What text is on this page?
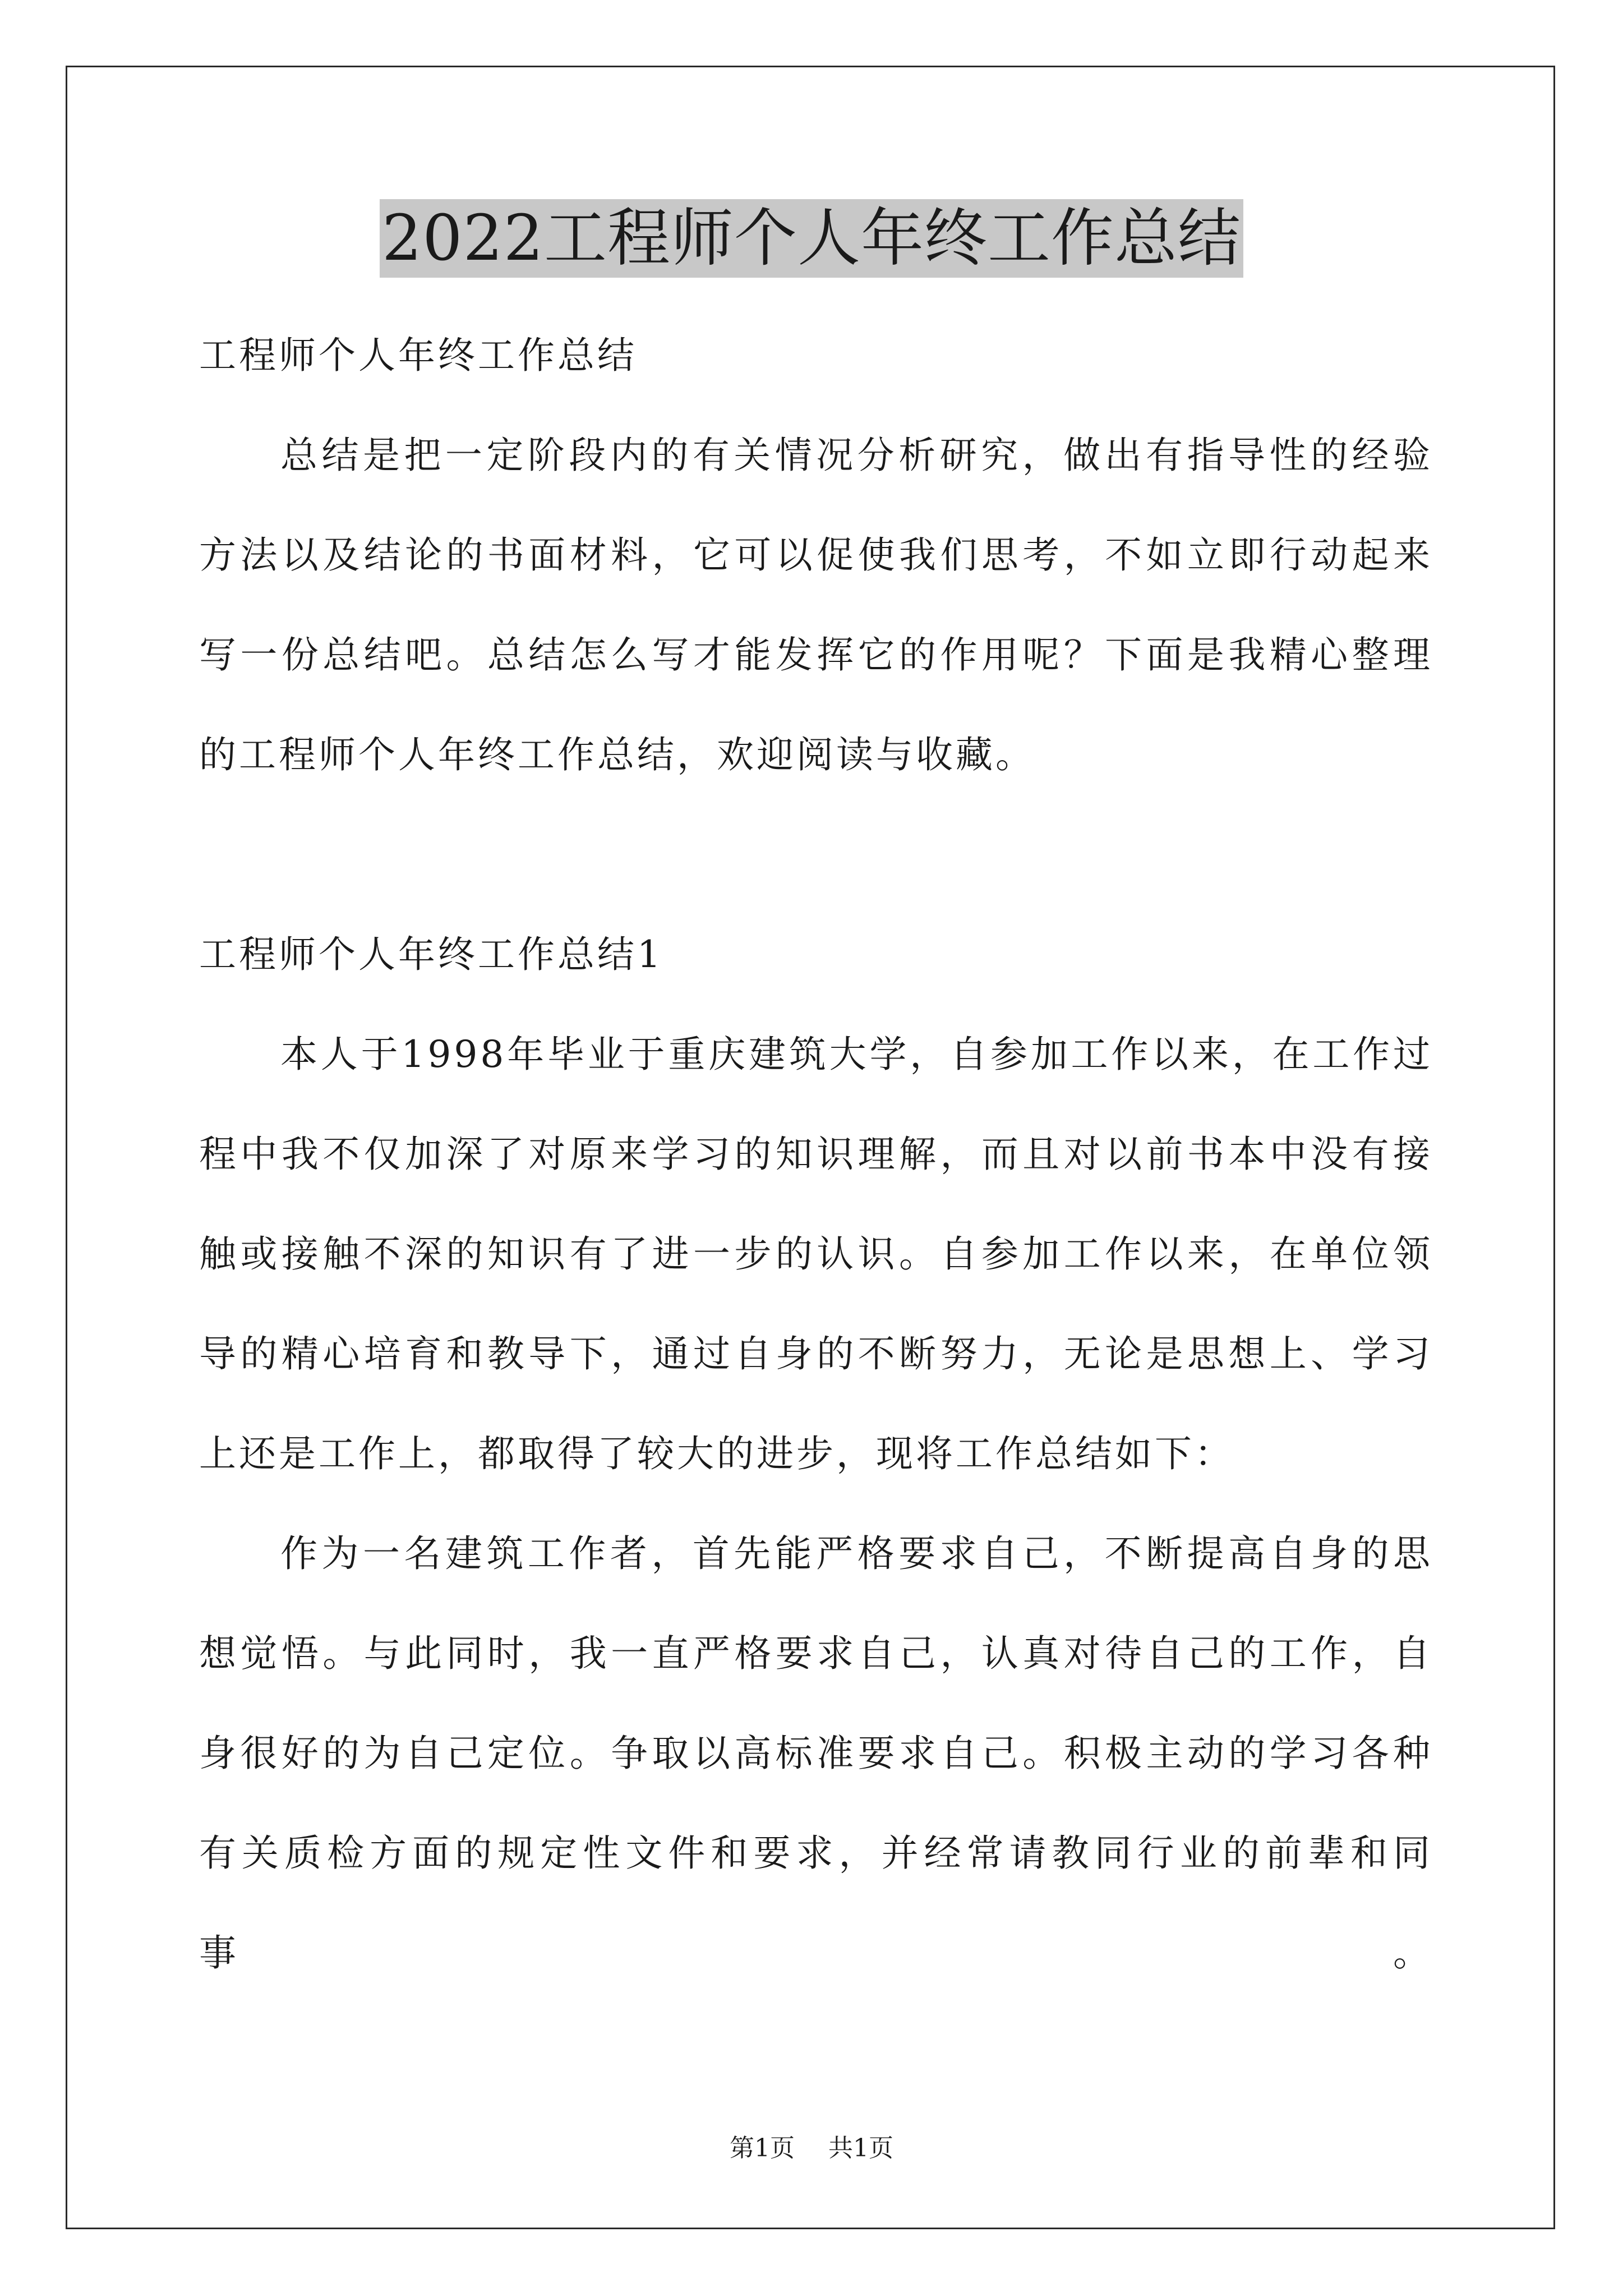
2022工程师个人年终工作总结
工程师个人年终工作总结
总结是把一定阶段内的有关情况分析研究，做出有指导性的经验
方法以及结论的书面材料，它可以促使我们思考，不如立即行动起来
写一份总结吧。总结怎么写才能发挥它的作用呢？下面是我精心整理
的工程师个人年终工作总结，欢迎阅读与收藏。
工程师个人年终工作总结1
本人于1998年毕业于重庆建筑大学，自参加工作以来，在工作过
程中我不仅加深了对原来学习的知识理解，而且对以前书本中没有接
触或接触不深的知识有了进一步的认识。自参加工作以来，在单位领
导的精心培育和教导下，通过自身的不断努力，无论是思想上、学习
上还是工作上，都取得了较大的进步，现将工作总结如下：
作为一名建筑工作者，首先能严格要求自己，不断提高自身的思
想觉悟。与此同时，我一直严格要求自己，认真对待自己的工作，自
身很好的为自己定位。争取以高标准要求自己。积极主动的学习各种
有关质检方面的规定性文件和要求，并经常请教同行业的前辈和同事。
第1页 共1页
